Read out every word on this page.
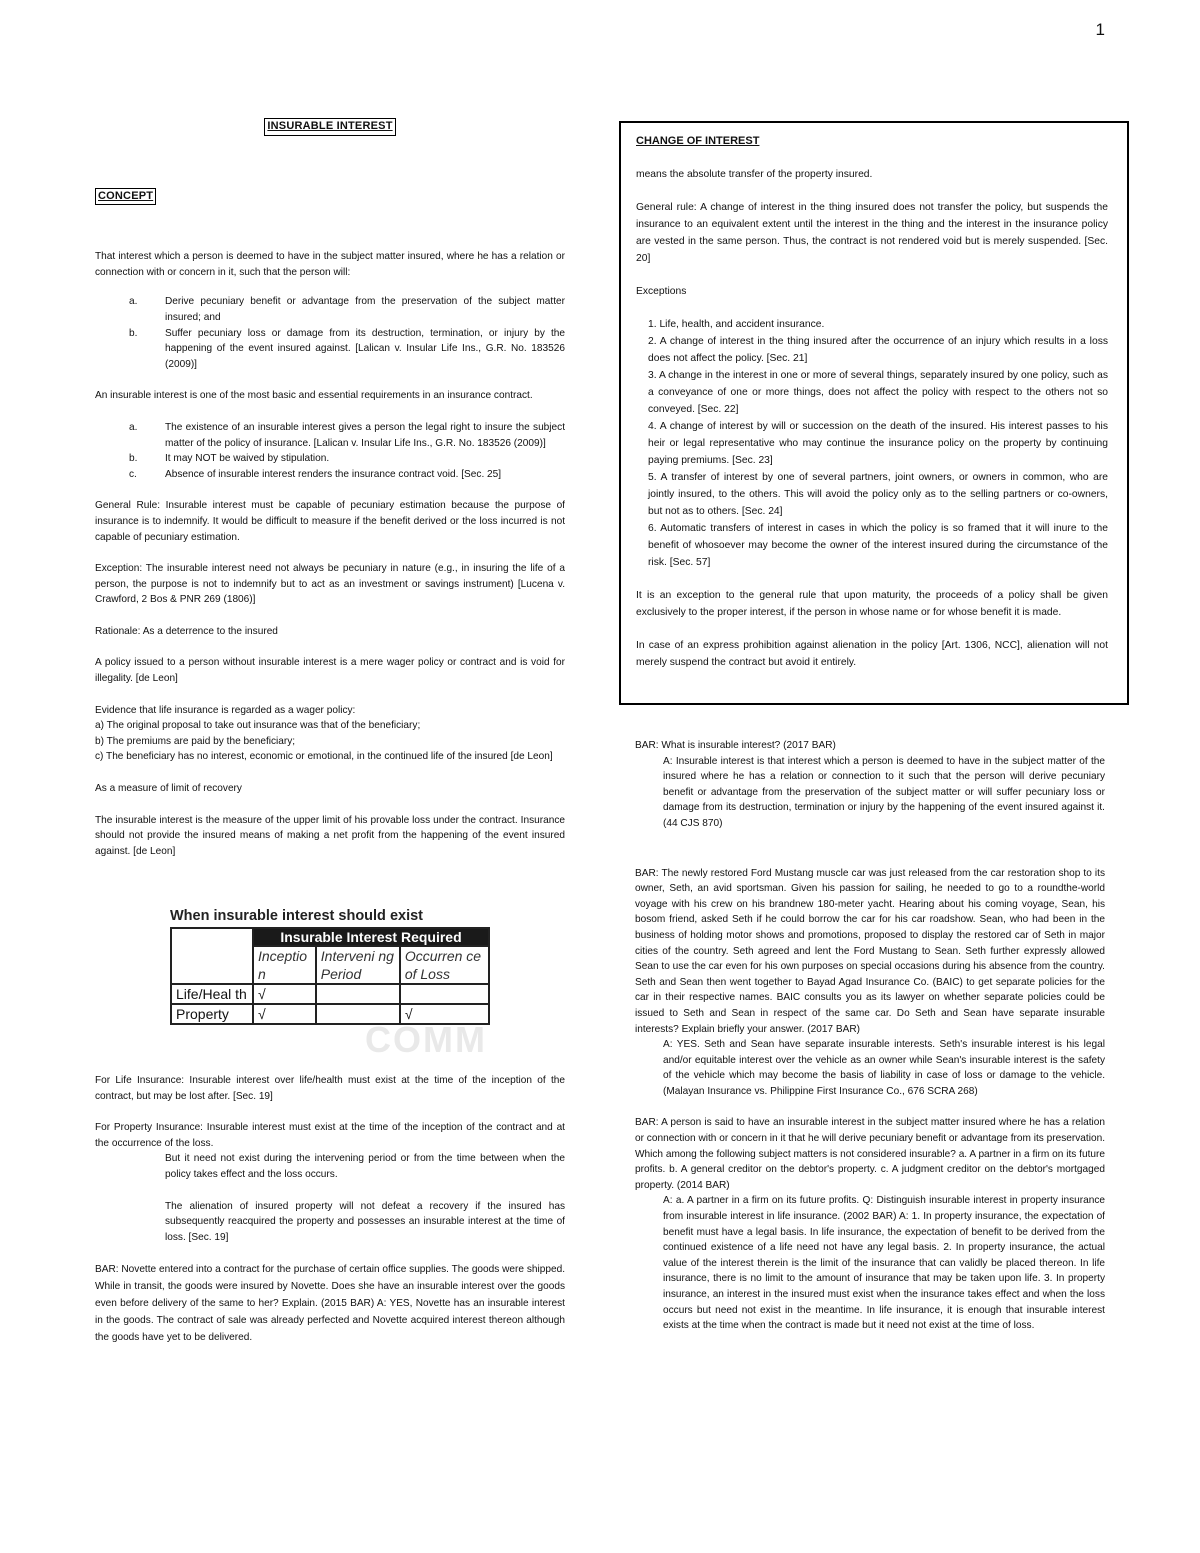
1
INSURABLE INTEREST

CONCEPT

That interest which a person is deemed to have in the subject matter insured, where he has a relation or connection with or concern in it, such that the person will:

a.	Derive pecuniary benefit or advantage from the preservation of the subject matter insured; and
b.	Suffer pecuniary loss or damage from its destruction, termination, or injury by the happening of the event insured against. [Lalican v. Insular Life Ins., G.R. No. 183526 (2009)]

An insurable interest is one of the most basic and essential requirements in an insurance contract.

a.	The existence of an insurable interest gives a person the legal right to insure the subject matter of the policy of insurance. [Lalican v. Insular Life Ins., G.R. No. 183526 (2009)]
b.	It may NOT be waived by stipulation.
c.	Absence of insurable interest renders the insurance contract void. [Sec. 25]

General Rule: Insurable interest must be capable of pecuniary estimation because the purpose of insurance is to indemnify. It would be difficult to measure if the benefit derived or the loss incurred is not capable of pecuniary estimation.

Exception: The insurable interest need not always be pecuniary in nature (e.g., in insuring the life of a person, the purpose is not to indemnify but to act as an investment or savings instrument) [Lucena v. Crawford, 2 Bos & PNR 269 (1806)]

Rationale: As a deterrence to the insured

A policy issued to a person without insurable interest is a mere wager policy or contract and is void for illegality. [de Leon]

Evidence that life insurance is regarded as a wager policy:
a) The original proposal to take out insurance was that of the beneficiary;
b) The premiums are paid by the beneficiary;
c) The beneficiary has no interest, economic or emotional, in the continued life of the insured [de Leon]

As a measure of limit of recovery

The insurable interest is the measure of the upper limit of his provable loss under the contract. Insurance should not provide the insured means of making a net profit from the happening of the event insured against. [de Leon]

When insurable interest should exist
	Insurable Interest Required		
	Inceptio n	Interveni ng Period	Occurren ce of Loss
Life/Heal th	√		
Property	√		√
COMM

For Life Insurance: Insurable interest over life/health must exist at the time of the inception of the contract, but may be lost after. [Sec. 19]

For Property Insurance: Insurable interest must exist at the time of the inception of the contract and at the occurrence of the loss.

But it need not exist during the intervening period or from the time between when the policy takes effect and the loss occurs.

The alienation of insured property will not defeat a recovery if the insured has subsequently reacquired the property and possesses an insurable interest at the time of loss. [Sec. 19]

BAR: Novette entered into a contract for the purchase of certain office supplies. The goods were shipped. While in transit, the goods were insured by Novette. Does she have an insurable interest over the goods even before delivery of the same to her? Explain. (2015 BAR) A: YES, Novette has an insurable interest in the goods. The contract of sale was already perfected and Novette acquired interest thereon although the goods have yet to be delivered.

CHANGE OF INTEREST

means the absolute transfer of the property insured.

General rule: A change of interest in the thing insured does not transfer the policy, but suspends the insurance to an equivalent extent until the interest in the thing and the interest in the insurance policy are vested in the same person. Thus, the contract is not rendered void but is merely suspended. [Sec. 20]

Exceptions

1. Life, health, and accident insurance.
2. A change of interest in the thing insured after the occurrence of an injury which results in a loss does not affect the policy. [Sec. 21]
3. A change in the interest in one or more of several things, separately insured by one policy, such as a conveyance of one or more things, does not affect the policy with respect to the others not so conveyed. [Sec. 22]
4. A change of interest by will or succession on the death of the insured. His interest passes to his heir or legal representative who may continue the insurance policy on the property by continuing paying premiums. [Sec. 23]
5. A transfer of interest by one of several partners, joint owners, or owners in common, who are jointly insured, to the others. This will avoid the policy only as to the selling partners or co-owners, but not as to others. [Sec. 24]
6. Automatic transfers of interest in cases in which the policy is so framed that it will inure to the benefit of whosoever may become the owner of the interest insured during the circumstance of the risk. [Sec. 57]

It is an exception to the general rule that upon maturity, the proceeds of a policy shall be given exclusively to the proper interest, if the person in whose name or for whose benefit it is made.

In case of an express prohibition against alienation in the policy [Art. 1306, NCC], alienation will not merely suspend the contract but avoid it entirely.

BAR: What is insurable interest? (2017 BAR)

A: Insurable interest is that interest which a person is deemed to have in the subject matter of the insured where he has a relation or connection to it such that the person will derive pecuniary benefit or advantage from the preservation of the subject matter or will suffer pecuniary loss or damage from its destruction, termination or injury by the happening of the event insured against it. (44 CJS 870)

BAR: The newly restored Ford Mustang muscle car was just released from the car restoration shop to its owner, Seth, an avid sportsman. Given his passion for sailing, he needed to go to a roundthe-world voyage with his crew on his brandnew 180-meter yacht. Hearing about his coming voyage, Sean, his bosom friend, asked Seth if he could borrow the car for his car roadshow. Sean, who had been in the business of holding motor shows and promotions, proposed to display the restored car of Seth in major cities of the country. Seth agreed and lent the Ford Mustang to Sean. Seth further expressly allowed Sean to use the car even for his own purposes on special occasions during his absence from the country. Seth and Sean then went together to Bayad Agad Insurance Co. (BAIC) to get separate policies for the car in their respective names. BAIC consults you as its lawyer on whether separate policies could be issued to Seth and Sean in respect of the same car. Do Seth and Sean have separate insurable interests? Explain briefly your answer. (2017 BAR)

A: YES. Seth and Sean have separate insurable interests. Seth's insurable interest is his legal and/or equitable interest over the vehicle as an owner while Sean's insurable interest is the safety of the vehicle which may become the basis of liability in case of loss or damage to the vehicle. (Malayan Insurance vs. Philippine First Insurance Co., 676 SCRA 268)

BAR: A person is said to have an insurable interest in the subject matter insured where he has a relation or connection with or concern in it that he will derive pecuniary benefit or advantage from its preservation. Which among the following subject matters is not considered insurable? a. A partner in a firm on its future profits. b. A general creditor on the debtor's property. c. A judgment creditor on the debtor's mortgaged property. (2014 BAR)

A: a. A partner in a firm on its future profits. Q: Distinguish insurable interest in property insurance from insurable interest in life insurance. (2002 BAR) A: 1. In property insurance, the expectation of benefit must have a legal basis. In life insurance, the expectation of benefit to be derived from the continued existence of a life need not have any legal basis. 2. In property insurance, the actual value of the interest therein is the limit of the insurance that can validly be placed thereon. In life insurance, there is no limit to the amount of insurance that may be taken upon life. 3. In property insurance, an interest in the insured must exist when the insurance takes effect and when the loss occurs but need not exist in the meantime. In life insurance, it is enough that insurable interest exists at the time when the contract is made but it need not exist at the time of loss.
